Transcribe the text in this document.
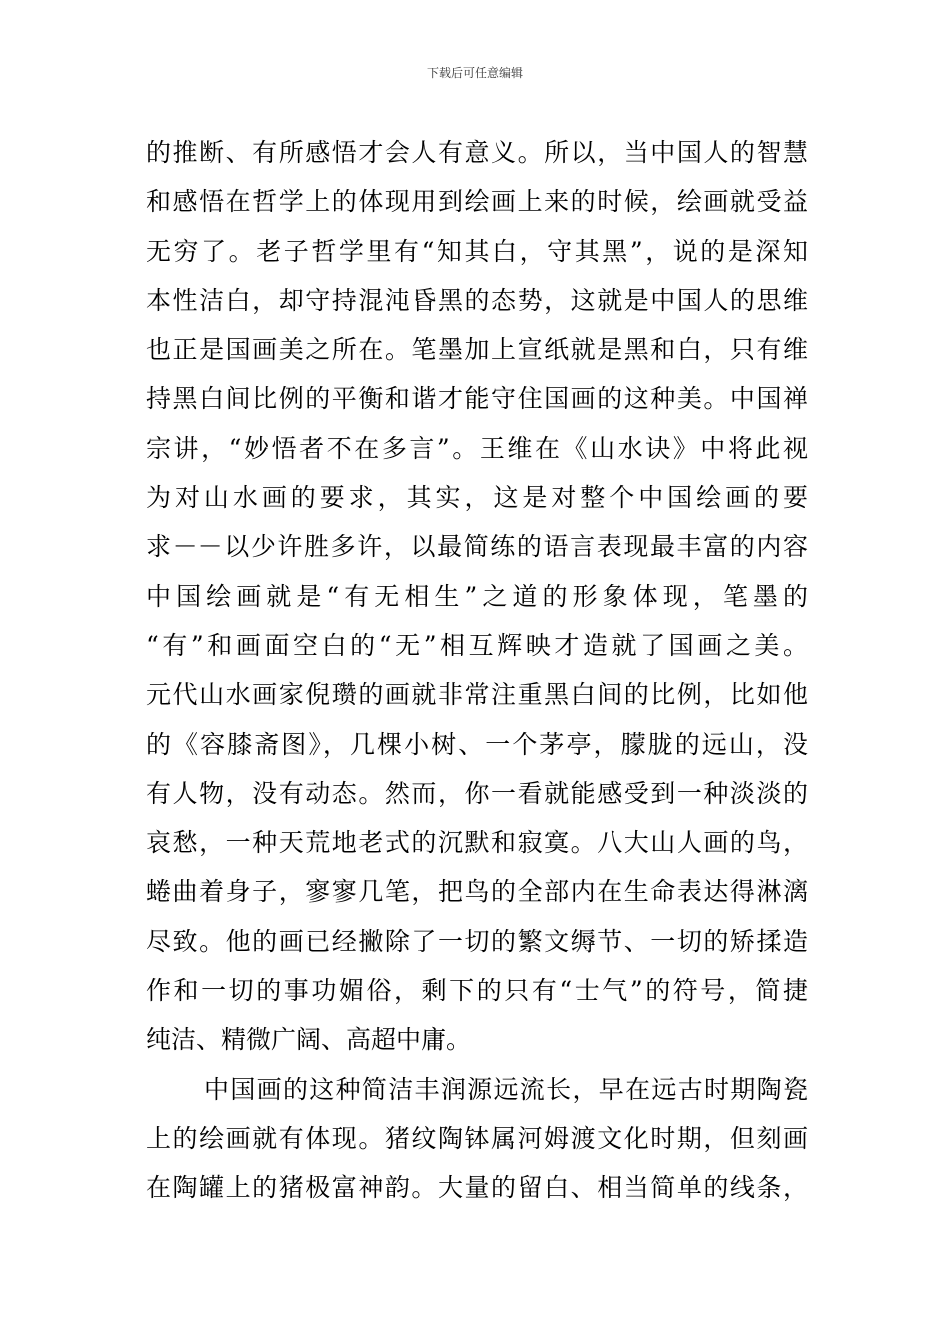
下载后可任意编辑
的推断、有所感悟才会人有意义。所以，当中国人的智慧
和感悟在哲学上的体现用到绘画上来的时候，绘画就受益
无穷了。老子哲学里有“知其白，守其黑”，说的是深知
本性洁白，却守持混沌昏黑的态势，这就是中国人的思维
也正是国画美之所在。笔墨加上宣纸就是黑和白，只有维
持黑白间比例的平衡和谐才能守住国画的这种美。中国禅
宗讲，“妙悟者不在多言”。王维在《山水诀》中将此视
为对山水画的要求，其实，这是对整个中国绘画的要
求－－以少许胜多许，以最简练的语言表现最丰富的内容
中国绘画就是“有无相生”之道的形象体现，笔墨的
“有”和画面空白的“无”相互辉映才造就了国画之美。
元代山水画家倪瓒的画就非常注重黑白间的比例，比如他
的《容膝斋图》，几棵小树、一个茅亭，朦胧的远山，没
有人物，没有动态。然而，你一看就能感受到一种淡淡的
哀愁，一种天荒地老式的沉默和寂寞。八大山人画的鸟，
蜷曲着身子，寥寥几笔，把鸟的全部内在生命表达得淋漓
尽致。他的画已经撇除了一切的繁文缛节、一切的矫揉造
作和一切的事功媚俗，剩下的只有“士气”的符号，简捷
纯洁、精微广阔、高超中庸。
中国画的这种简洁丰润源远流长，早在远古时期陶瓷
上的绘画就有体现。猪纹陶钵属河姆渡文化时期，但刻画
在陶罐上的猪极富神韵。大量的留白、相当简单的线条，
